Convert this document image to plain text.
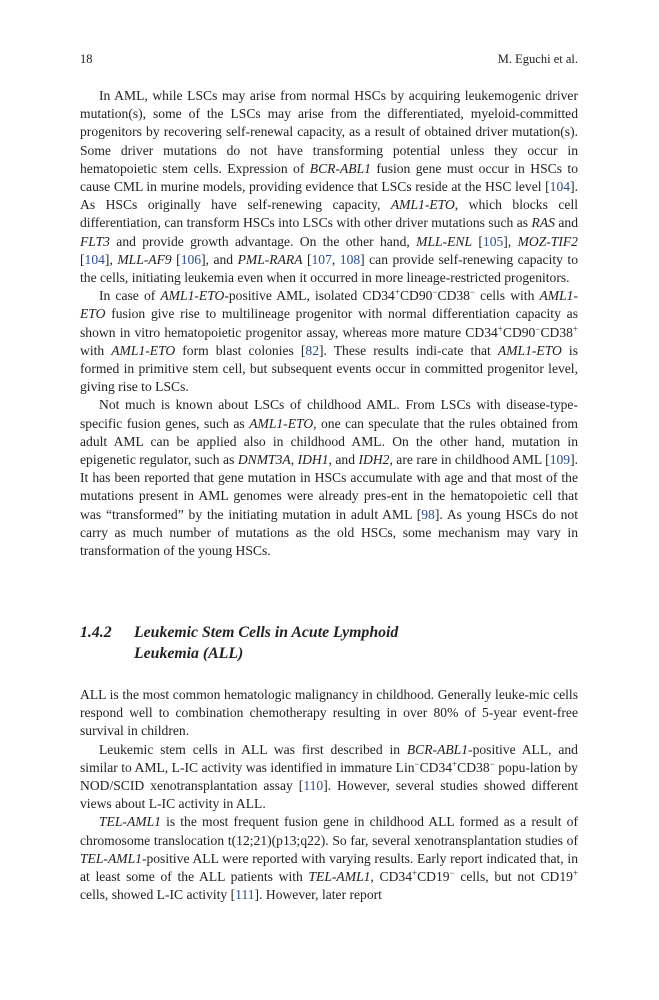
18	M. Eguchi et al.

In AML, while LSCs may arise from normal HSCs by acquiring leukemogenic driver mutation(s), some of the LSCs may arise from the differentiated, myeloid-committed progenitors by recovering self-renewal capacity, as a result of obtained driver mutation(s). Some driver mutations do not have transforming potential unless they occur in hematopoietic stem cells. Expression of BCR-ABL1 fusion gene must occur in HSCs to cause CML in murine models, providing evidence that LSCs reside at the HSC level [104]. As HSCs originally have self-renewing capacity, AML1-ETO, which blocks cell differentiation, can transform HSCs into LSCs with other driver mutations such as RAS and FLT3 and provide growth advantage. On the other hand, MLL-ENL [105], MOZ-TIF2 [104], MLL-AF9 [106], and PML-RARA [107, 108] can provide self-renewing capacity to the cells, initiating leukemia even when it occurred in more lineage-restricted progenitors.

In case of AML1-ETO-positive AML, isolated CD34+CD90−CD38− cells with AML1-ETO fusion give rise to multilineage progenitor with normal differentiation capacity as shown in vitro hematopoietic progenitor assay, whereas more mature CD34+CD90−CD38+ with AML1-ETO form blast colonies [82]. These results indi-cate that AML1-ETO is formed in primitive stem cell, but subsequent events occur in committed progenitor level, giving rise to LSCs.

Not much is known about LSCs of childhood AML. From LSCs with disease-type-specific fusion genes, such as AML1-ETO, one can speculate that the rules obtained from adult AML can be applied also in childhood AML. On the other hand, mutation in epigenetic regulator, such as DNMT3A, IDH1, and IDH2, are rare in childhood AML [109]. It has been reported that gene mutation in HSCs accumulate with age and that most of the mutations present in AML genomes were already pres-ent in the hematopoietic cell that was “transformed” by the initiating mutation in adult AML [98]. As young HSCs do not carry as much number of mutations as the old HSCs, some mechanism may vary in transformation of the young HSCs.

1.4.2 Leukemic Stem Cells in Acute Lymphoid
Leukemia (ALL)

ALL is the most common hematologic malignancy in childhood. Generally leuke-mic cells respond well to combination chemotherapy resulting in over 80% of 5-year event-free survival in children.

Leukemic stem cells in ALL was first described in BCR-ABL1-positive ALL, and similar to AML, L-IC activity was identified in immature Lin−CD34+CD38− popu-lation by NOD/SCID xenotransplantation assay [110]. However, several studies showed different views about L-IC activity in ALL.

TEL-AML1 is the most frequent fusion gene in childhood ALL formed as a result of chromosome translocation t(12;21)(p13;q22). So far, several xenotransplantation studies of TEL-AML1-positive ALL were reported with varying results. Early report indicated that, in at least some of the ALL patients with TEL-AML1, CD34+CD19− cells, but not CD19+ cells, showed L-IC activity [111]. However, later report
